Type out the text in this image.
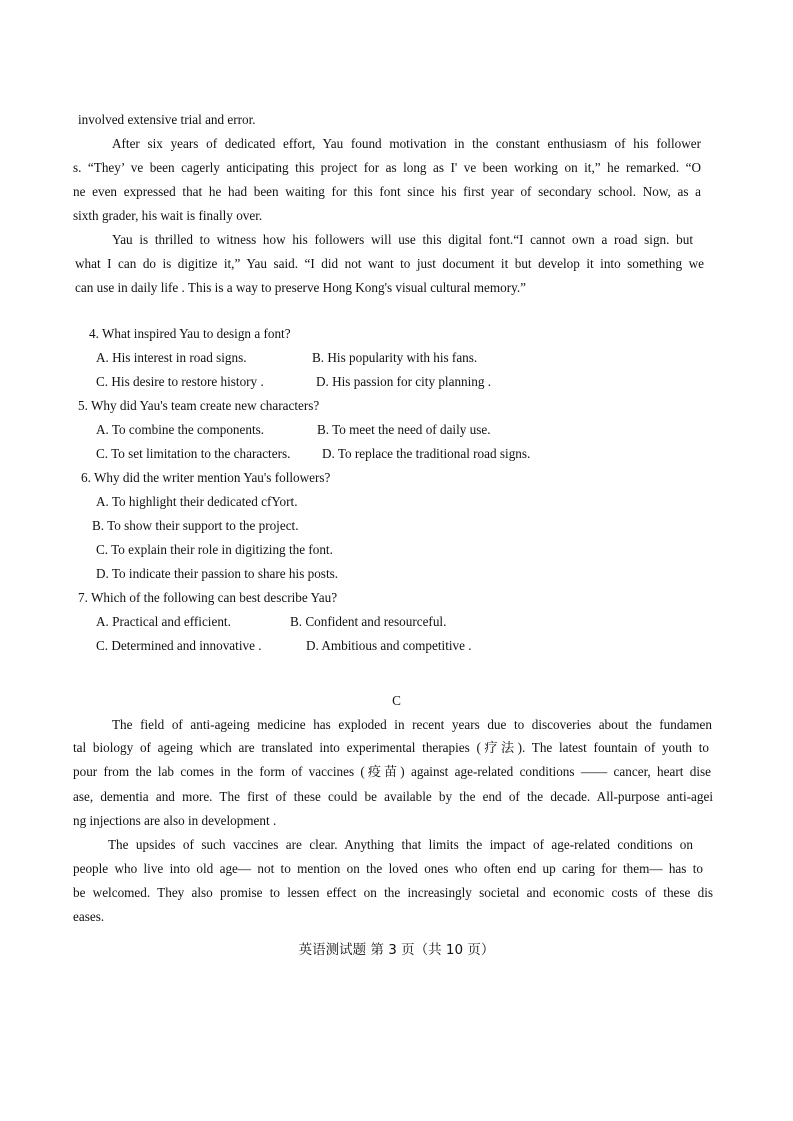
involved extensive trial and error.
After six years of dedicated effort, Yau found motivation in the constant enthusiasm of his follower
s. “They’ ve been cagerly anticipating this project for as long as I' ve been working on it,” he remarked. “O
ne even expressed that he had been waiting for this font since his first year of secondary school. Now, as a
sixth grader, his wait is finally over.
Yau is thrilled to witness how his followers will use this digital font.“I cannot own a road sign. but
what I can do is digitize it,” Yau said. “I did not want to just document it but develop it into something we
can use in daily life . This is a way to preserve Hong Kong's visual cultural memory.”
4. What inspired Yau to design a font?
A. His interest in road signs.	B. His popularity with his fans.
C. His desire to restore history .	D. His passion for city planning .
5. Why did Yau's team create new characters?
A. To combine the components.	B. To meet the need of daily use.
C. To set limitation to the characters. D. To replace the traditional road signs.
6. Why did the writer mention Yau's followers?
A. To highlight their dedicated cfYort.
B. To show their support to the project.
C. To explain their role in digitizing the font.
D. To indicate their passion to share his posts.
7. Which of the following can best describe Yau?
A. Practical and efficient.	B. Confident and resourceful.
C. Determined and innovative .	D. Ambitious and competitive .
C
The field of anti-ageing medicine has exploded in recent years due to discoveries about the fundamen
tal biology of ageing which are translated into experimental therapies (疗法). The latest fountain of youth to
pour from the lab comes in the form of vaccines (疫苗) against age-related conditions —— cancer, heart dise
ase, dementia and more. The first of these could be available by the end of the decade. All-purpose anti-agei
ng injections are also in development .
The upsides of such vaccines are clear. Anything that limits the impact of age-related conditions on
people who live into old age— not to mention on the loved ones who often end up caring for them— has to
be welcomed. They also promise to lessen effect on the increasingly societal and economic costs of these dis
eases.
英语测试题 第 3 页（共 10 页）
